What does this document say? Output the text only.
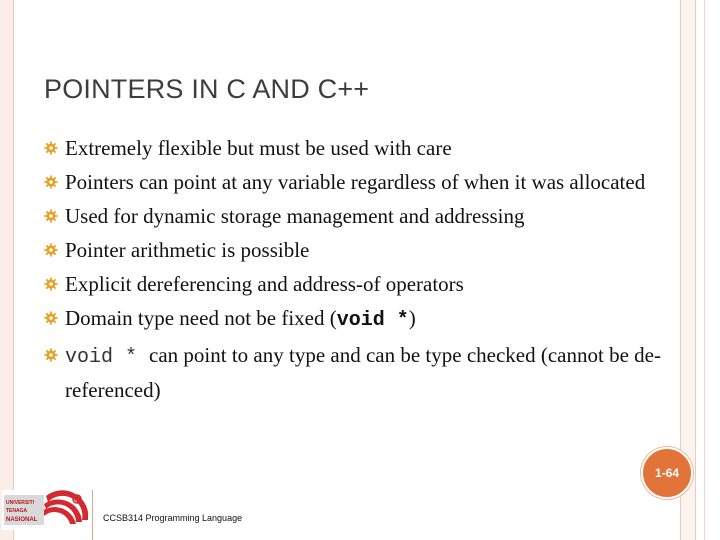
POINTERS IN C AND C++
Extremely flexible but must be used with care
Pointers can point at any variable regardless of when it was allocated
Used for dynamic storage management and addressing
Pointer arithmetic is possible
Explicit dereferencing and address-of operators
Domain type need not be fixed (void *)
void * can point to any type and can be type checked (cannot be de-referenced)
1-64
UNIVERSITI
TENAGA
NASIONAL	CCSB314 Programming Language
